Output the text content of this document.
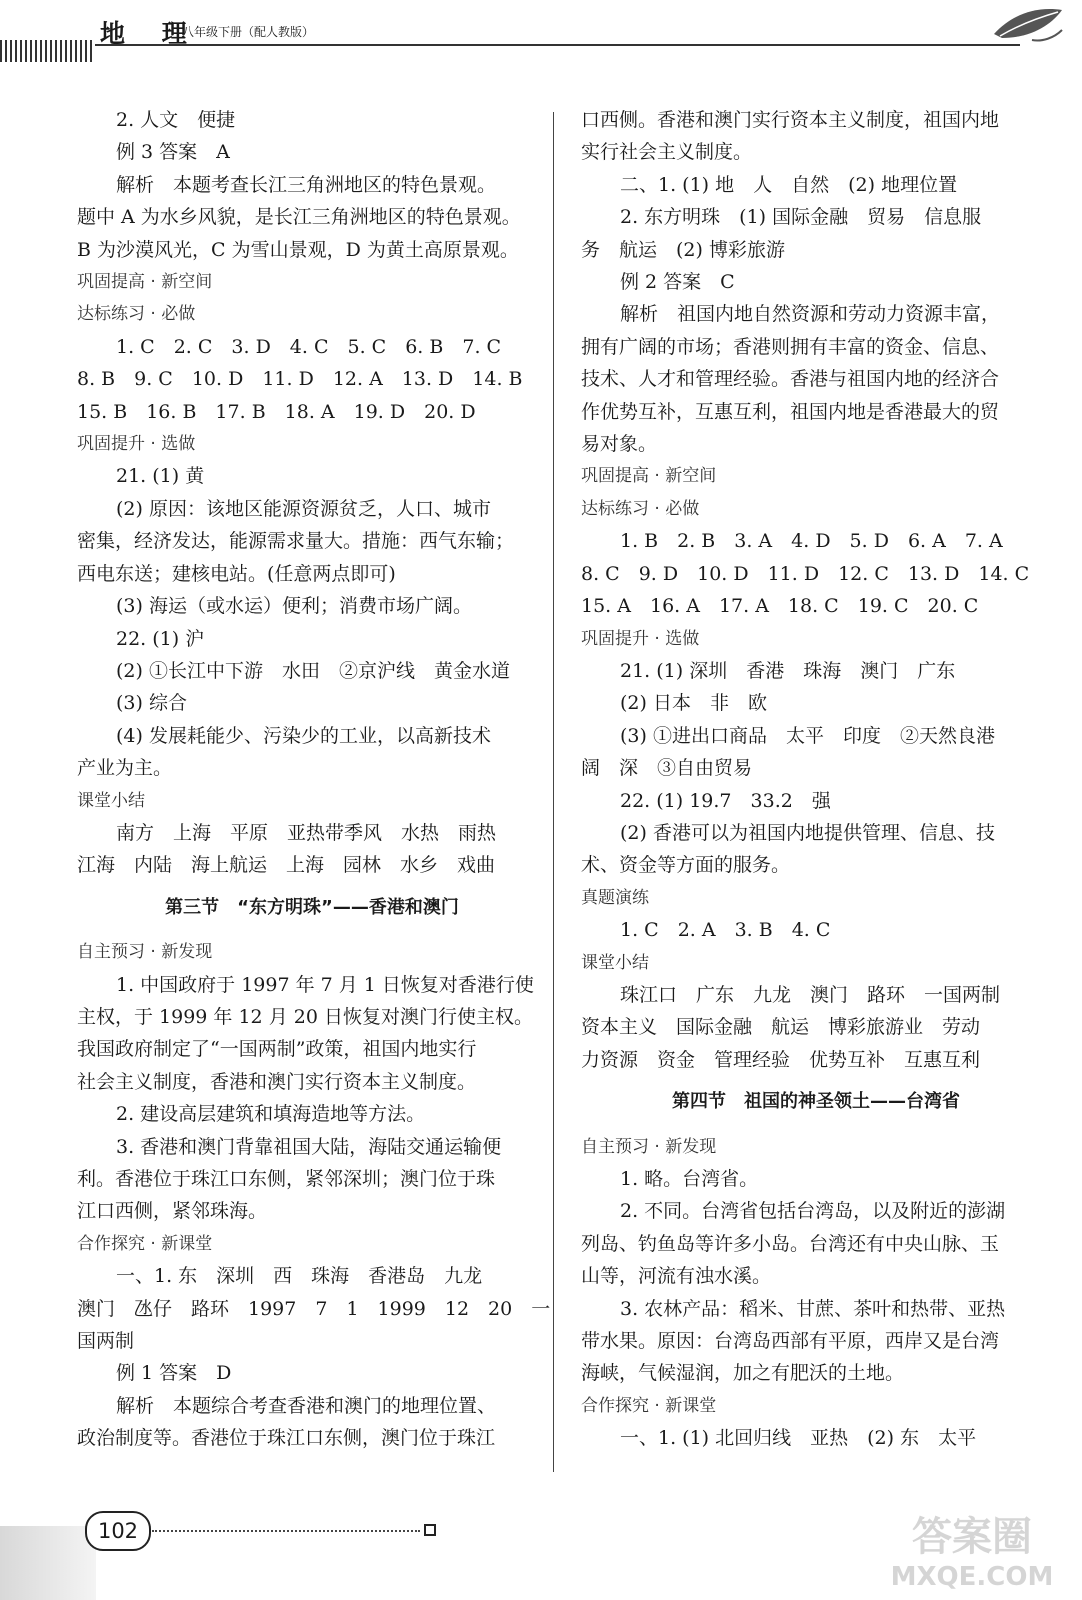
地 理
八年级下册（配人教版）

2. 人文　便捷

例 3 答案　A

解析　本题考查长江三角洲地区的特色景观。

题中 A 为水乡风貌，是长江三角洲地区的特色景观。

B 为沙漠风光，C 为雪山景观，D 为黄土高原景观。

巩固提高 · 新空间

达标练习 · 必做

1. C　2. C　3. D　4. C　5. C　6. B　7. C

8. B　9. C　10. D　11. D　12. A　13. D　14. B

15. B　16. B　17. B　18. A　19. D　20. D

巩固提升 · 选做

21. (1) 黄

(2) 原因：该地区能源资源贫乏，人口、城市

密集，经济发达，能源需求量大。措施：西气东输；

西电东送；建核电站。(任意两点即可)

(3) 海运（或水运）便利；消费市场广阔。

22. (1) 沪

(2) ①长江中下游　水田　②京沪线　黄金水道

(3) 综合

(4) 发展耗能少、污染少的工业，以高新技术

产业为主。

课堂小结

南方　上海　平原　亚热带季风　水热　雨热

江海　内陆　海上航运　上海　园林　水乡　戏曲

第三节　“东方明珠”——香港和澳门

自主预习 · 新发现

1. 中国政府于 1997 年 7 月 1 日恢复对香港行使

主权，于 1999 年 12 月 20 日恢复对澳门行使主权。

我国政府制定了“一国两制”政策，祖国内地实行

社会主义制度，香港和澳门实行资本主义制度。

2. 建设高层建筑和填海造地等方法。

3. 香港和澳门背靠祖国大陆，海陆交通运输便

利。香港位于珠江口东侧，紧邻深圳；澳门位于珠

江口西侧，紧邻珠海。

合作探究 · 新课堂

一、1. 东　深圳　西　珠海　香港岛　九龙

澳门　氹仔　路环　1997　7　1　1999　12　20　一

国两制

例 1 答案　D

解析　本题综合考查香港和澳门的地理位置、

政治制度等。香港位于珠江口东侧，澳门位于珠江

口西侧。香港和澳门实行资本主义制度，祖国内地

实行社会主义制度。

二、1. (1) 地　人　自然　(2) 地理位置

2. 东方明珠　(1) 国际金融　贸易　信息服

务　航运　(2) 博彩旅游

例 2 答案　C

解析　祖国内地自然资源和劳动力资源丰富，

拥有广阔的市场；香港则拥有丰富的资金、信息、

技术、人才和管理经验。香港与祖国内地的经济合

作优势互补，互惠互利，祖国内地是香港最大的贸

易对象。

巩固提高 · 新空间

达标练习 · 必做

1. B　2. B　3. A　4. D　5. D　6. A　7. A

8. C　9. D　10. D　11. D　12. C　13. D　14. C

15. A　16. A　17. A　18. C　19. C　20. C

巩固提升 · 选做

21. (1) 深圳　香港　珠海　澳门　广东

(2) 日本　非　欧

(3) ①进出口商品　太平　印度　②天然良港

阔　深　③自由贸易

22. (1) 19.7　33.2　强

(2) 香港可以为祖国内地提供管理、信息、技

术、资金等方面的服务。

真题演练

1. C　2. A　3. B　4. C

课堂小结

珠江口　广东　九龙　澳门　路环　一国两制

资本主义　国际金融　航运　博彩旅游业　劳动

力资源　资金　管理经验　优势互补　互惠互利

第四节　祖国的神圣领土——台湾省

自主预习 · 新发现

1. 略。台湾省。

2. 不同。台湾省包括台湾岛，以及附近的澎湖

列岛、钓鱼岛等许多小岛。台湾还有中央山脉、玉

山等，河流有浊水溪。

3. 农林产品：稻米、甘蔗、茶叶和热带、亚热

带水果。原因：台湾岛西部有平原，西岸又是台湾

海峡，气候湿润，加之有肥沃的土地。

合作探究 · 新课堂

一、1. (1) 北回归线　亚热　(2) 东　太平

102	答案圈
MXQE.COM
